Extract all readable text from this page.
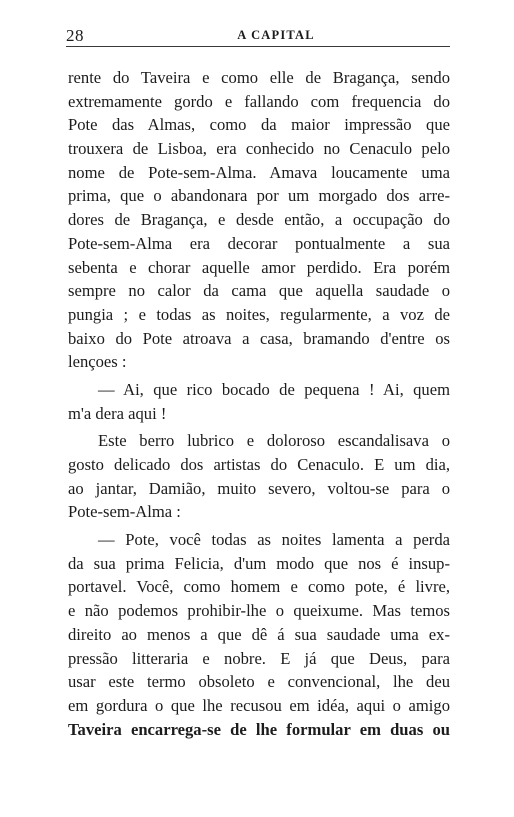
28	A CAPITAL
rente do Taveira e como elle de Bragança, sendo
extremamente gordo e fallando com frequencia do
Pote das Almas, como da maior impressão que
trouxera de Lisboa, era conhecido no Cenaculo pelo
nome de Pote-sem-Alma. Amava loucamente uma
prima, que o abandonara por um morgado dos arre-
dores de Bragança, e desde então, a occupação do
Pote-sem-Alma era decorar pontualmente a sua
sebenta e chorar aquelle amor perdido. Era porém
sempre no calor da cama que aquella saudade o
pungia ; e todas as noites, regularmente, a voz de
baixo do Pote atroava a casa, bramando d'entre os
lençoes :
— Ai, que rico bocado de pequena ! Ai, quem
m'a dera aqui !
Este berro lubrico e doloroso escandalisava o
gosto delicado dos artistas do Cenaculo. E um dia,
ao jantar, Damião, muito severo, voltou-se para o
Pote-sem-Alma :
— Pote, você todas as noites lamenta a perda
da sua prima Felicia, d'um modo que nos é insup-
portavel. Você, como homem e como pote, é livre,
e não podemos prohibir-lhe o queixume. Mas temos
direito ao menos a que dê á sua saudade uma ex-
pressão litteraria e nobre. E já que Deus, para
usar este termo obsoleto e convencional, lhe deu
em gordura o que lhe recusou em idéa, aqui o amigo
Taveira encarrega-se de lhe formular em duas ou
